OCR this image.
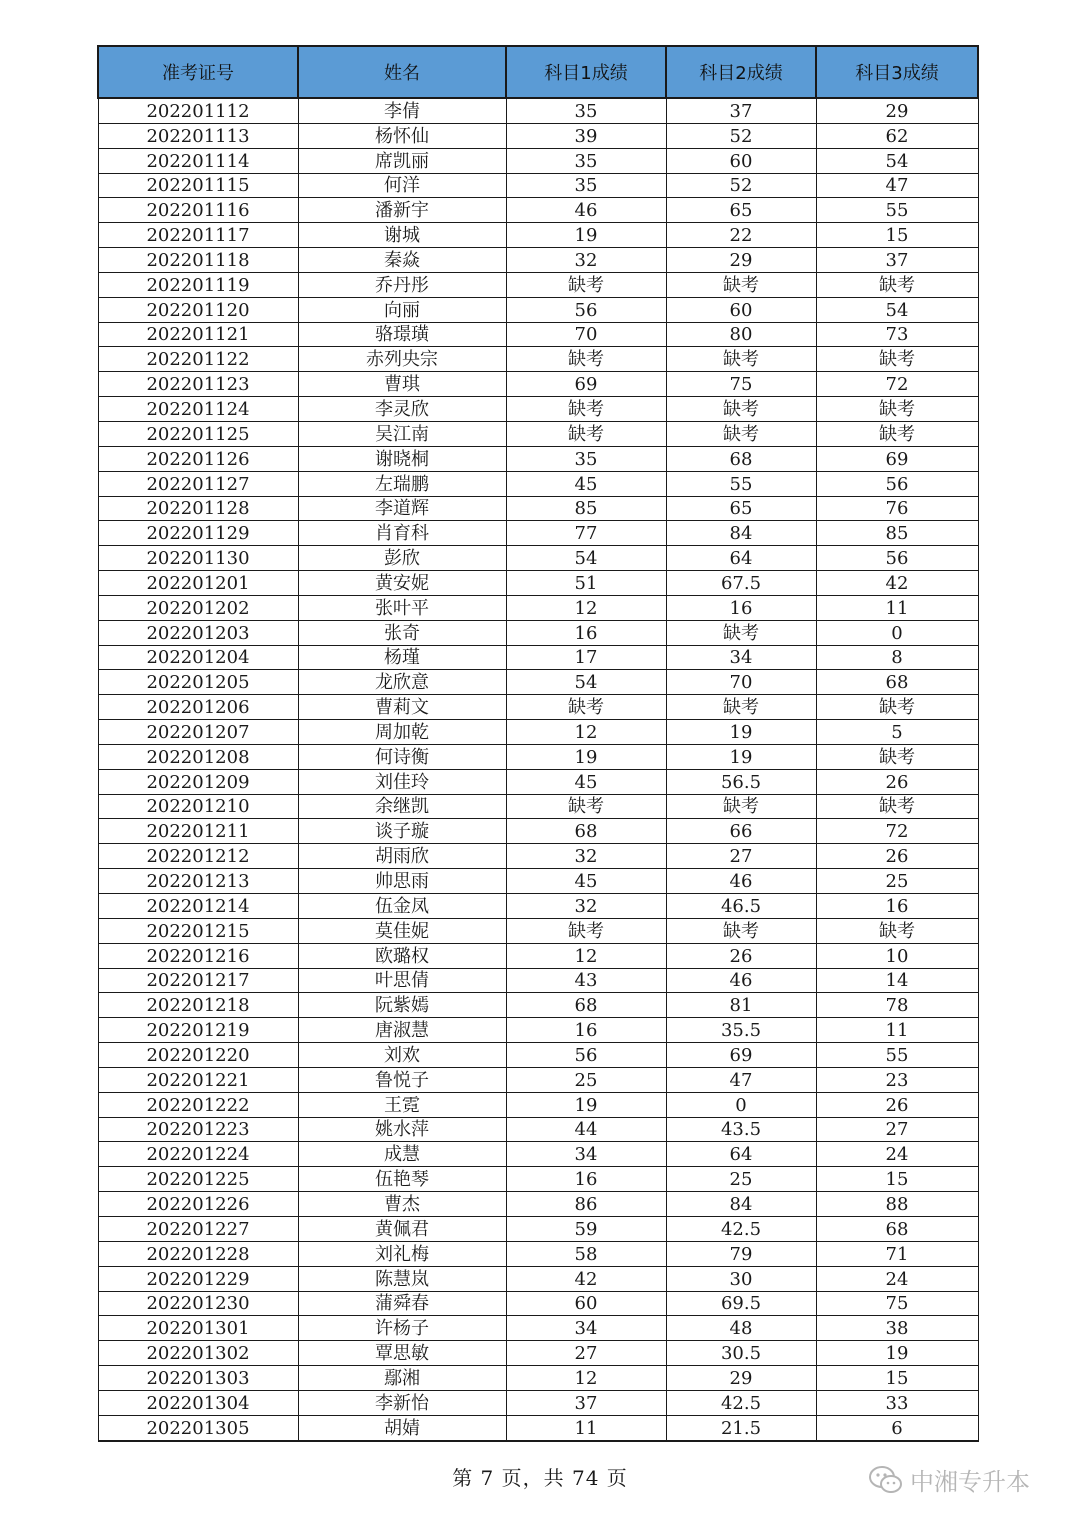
准考证号	姓名	科目1成绩	科目2成绩	科目3成绩
202201112	李倩	35	37	29
202201113	杨怀仙	39	52	62
202201114	席凯丽	35	60	54
202201115	何洋	35	52	47
202201116	潘新宇	46	65	55
202201117	谢城	19	22	15
202201118	秦焱	32	29	37
202201119	乔丹彤	缺考	缺考	缺考
202201120	向丽	56	60	54
202201121	骆璟璜	70	80	73
202201122	赤列央宗	缺考	缺考	缺考
202201123	曹琪	69	75	72
202201124	李灵欣	缺考	缺考	缺考
202201125	吴江南	缺考	缺考	缺考
202201126	谢晓桐	35	68	69
202201127	左瑞鹏	45	55	56
202201128	李道辉	85	65	76
202201129	肖育科	77	84	85
202201130	彭欣	54	64	56
202201201	黄安妮	51	67.5	42
202201202	张叶平	12	16	11
202201203	张奇	16	缺考	0
202201204	杨瑾	17	34	8
202201205	龙欣意	54	70	68
202201206	曹莉文	缺考	缺考	缺考
202201207	周加乾	12	19	5
202201208	何诗衡	19	19	缺考
202201209	刘佳玲	45	56.5	26
202201210	余继凯	缺考	缺考	缺考
202201211	谈子璇	68	66	72
202201212	胡雨欣	32	27	26
202201213	帅思雨	45	46	25
202201214	伍金凤	32	46.5	16
202201215	莫佳妮	缺考	缺考	缺考
202201216	欧璐权	12	26	10
202201217	叶思倩	43	46	14
202201218	阮紫嫣	68	81	78
202201219	唐淑慧	16	35.5	11
202201220	刘欢	56	69	55
202201221	鲁悦子	25	47	23
202201222	王霓	19	0	26
202201223	姚水萍	44	43.5	27
202201224	成慧	34	64	24
202201225	伍艳琴	16	25	15
202201226	曹杰	86	84	88
202201227	黄佩君	59	42.5	68
202201228	刘礼梅	58	79	71
202201229	陈慧岚	42	30	24
202201230	蒲舜春	60	69.5	75
202201301	许杨子	34	48	38
202201302	覃思敏	27	30.5	19
202201303	鄢湘	12	29	15
202201304	李新怡	37	42.5	33
202201305	胡婧	11	21.5	6
第 7 页，共 74 页	中湘专升本
